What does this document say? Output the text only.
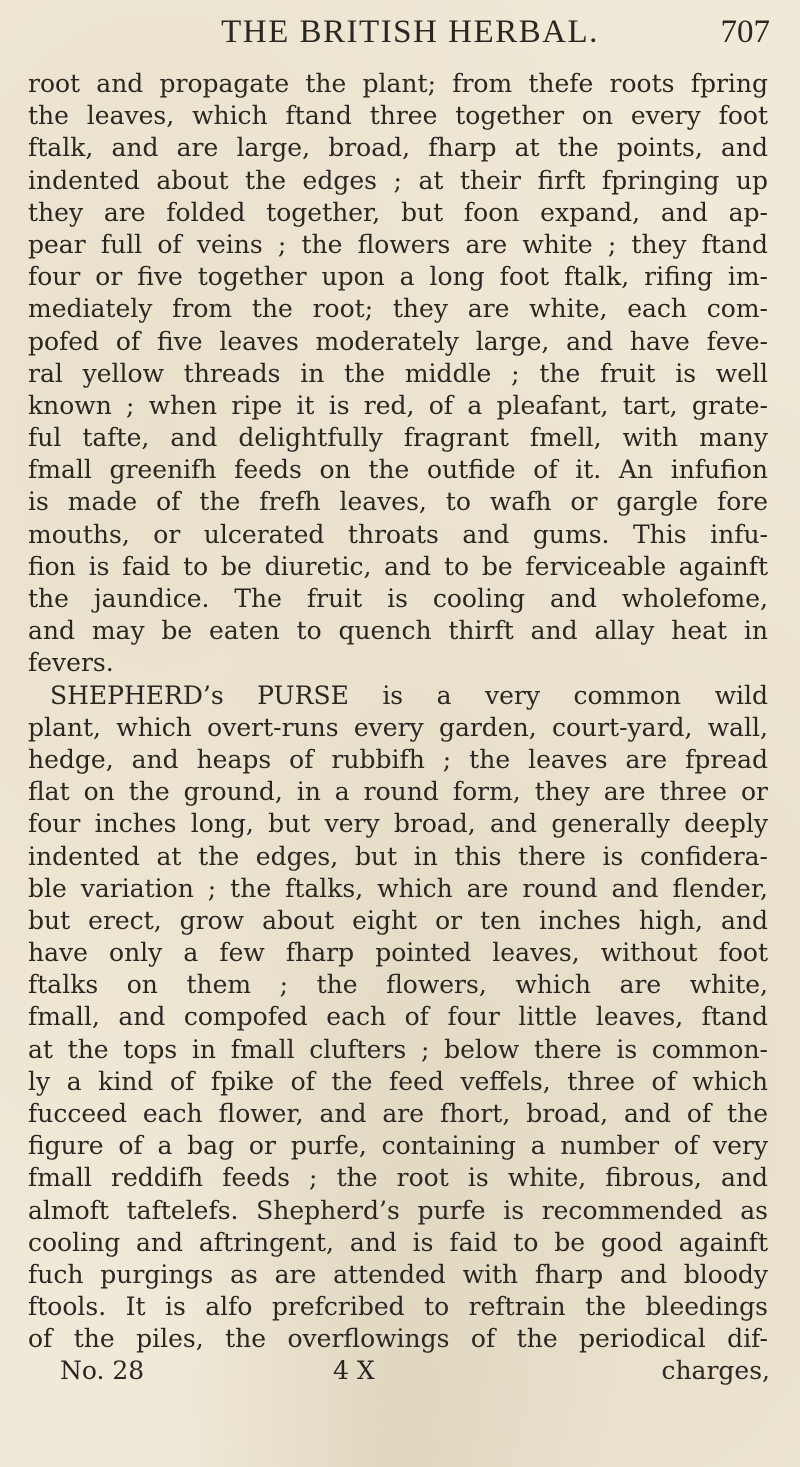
THE BRITISH HERBAL.	707
root and propagate the plant; from thefe roots fpring
the leaves, which ftand three together on every foot
ftalk, and are large, broad, fharp at the points, and
indented about the edges ; at their firft fpringing up
they are folded together, but foon expand, and ap-
pear full of veins ; the flowers are white ; they ftand
four or five together upon a long foot ftalk, rifing im-
mediately from the root; they are white, each com-
pofed of five leaves moderately large, and have feve-
ral yellow threads in the middle ; the fruit is well
known ; when ripe it is red, of a pleafant, tart, grate-
ful tafte, and delightfully fragrant fmell, with many
fmall greenifh feeds on the outfide of it. An infufion
is made of the frefh leaves, to wafh or gargle fore
mouths, or ulcerated throats and gums. This infu-
fion is faid to be diuretic, and to be ferviceable againft
the jaundice. The fruit is cooling and wholefome,
and may be eaten to quench thirft and allay heat in
fevers.
SHEPHERD’s PURSE is a very common wild
plant, which overt-runs every garden, court-yard, wall,
hedge, and heaps of rubbifh ; the leaves are fpread
flat on the ground, in a round form, they are three or
four inches long, but very broad, and generally deeply
indented at the edges, but in this there is confidera-
ble variation ; the ftalks, which are round and flender,
but erect, grow about eight or ten inches high, and
have only a few fharp pointed leaves, without foot
ftalks on them ; the flowers, which are white,
fmall, and compofed each of four little leaves, ftand
at the tops in fmall clufters ; below there is common-
ly a kind of fpike of the feed veffels, three of which
fucceed each flower, and are fhort, broad, and of the
figure of a bag or purfe, containing a number of very
fmall reddifh feeds ; the root is white, fibrous, and
almoft taftelefs. Shepherd’s purfe is recommended as
cooling and aftringent, and is faid to be good againft
fuch purgings as are attended with fharp and bloody
ftools. It is alfo prefcribed to reftrain the bleedings
of the piles, the overflowings of the periodical dif-
No. 28	4 X	charges,
